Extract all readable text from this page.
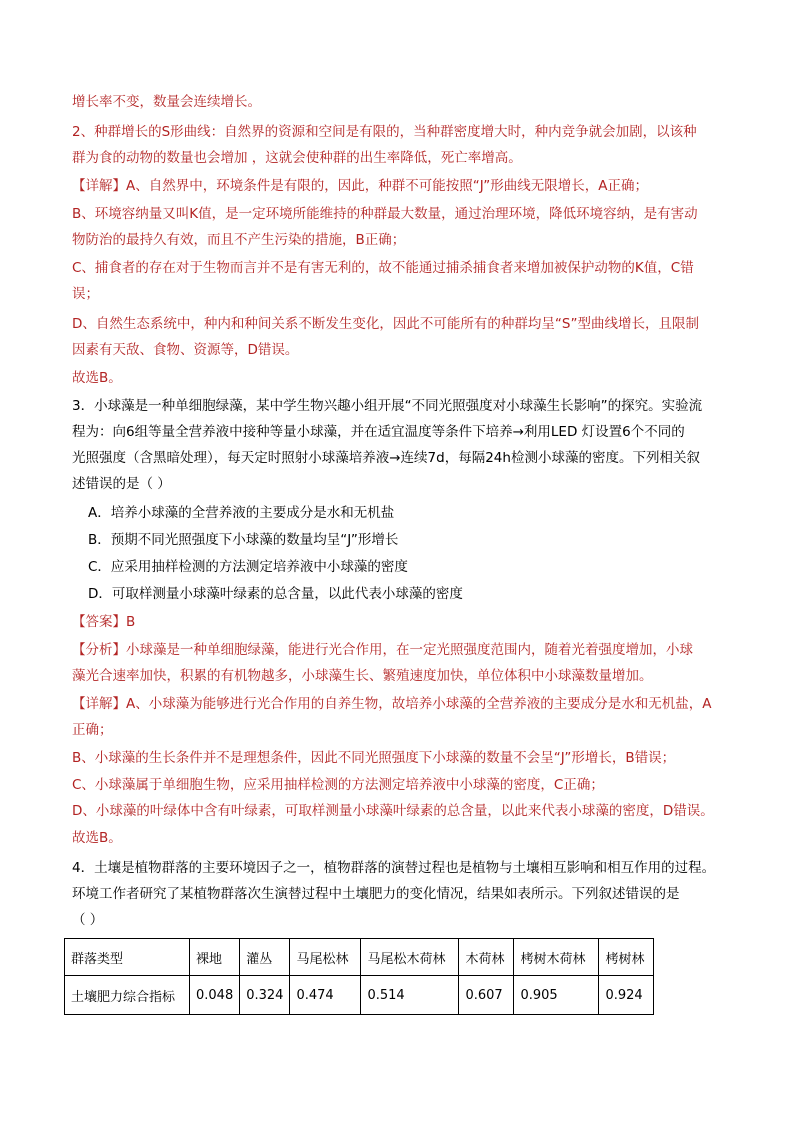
增长率不变，数量会连续增长。
2、种群增长的S形曲线：自然界的资源和空间是有限的，当种群密度增大时，种内竞争就会加剧，以该种
群为食的动物的数量也会增加 ，这就会使种群的出生率降低，死亡率增高。
【详解】A、自然界中，环境条件是有限的，因此，种群不可能按照“J”形曲线无限增长，A正确；
B、环境容纳量又叫K值，是一定环境所能维持的种群最大数量，通过治理环境，降低环境容纳，是有害动
物防治的最持久有效，而且不产生污染的措施，B正确；
C、捕食者的存在对于生物而言并不是有害无利的，故不能通过捕杀捕食者来增加被保护动物的K值，C错
误；
D、自然生态系统中，种内和种间关系不断发生变化，因此不可能所有的种群均呈“S”型曲线增长，且限制
因素有天敌、食物、资源等，D错误。
故选B。
3．小球藻是一种单细胞绿藻，某中学生物兴趣小组开展“不同光照强度对小球藻生长影响”的探究。实验流
程为：向6组等量全营养液中接种等量小球藻，并在适宜温度等条件下培养→利用LED 灯设置6个不同的
光照强度（含黑暗处理），每天定时照射小球藻培养液→连续7d，每隔24h检测小球藻的密度。下列相关叙
述错误的是（ ）
A．培养小球藻的全营养液的主要成分是水和无机盐
B．预期不同光照强度下小球藻的数量均呈“J”形增长
C．应采用抽样检测的方法测定培养液中小球藻的密度
D．可取样测量小球藻叶绿素的总含量，以此代表小球藻的密度
【答案】B
【分析】小球藻是一种单细胞绿藻，能进行光合作用，在一定光照强度范围内，随着光着强度增加，小球
藻光合速率加快，积累的有机物越多，小球藻生长、繁殖速度加快，单位体积中小球藻数量增加。
【详解】A、小球藻为能够进行光合作用的自养生物，故培养小球藻的全营养液的主要成分是水和无机盐，A
正确；
B、小球藻的生长条件并不是理想条件，因此不同光照强度下小球藻的数量不会呈“J”形增长，B错误；
C、小球藻属于单细胞生物，应采用抽样检测的方法测定培养液中小球藻的密度，C正确；
D、小球藻的叶绿体中含有叶绿素，可取样测量小球藻叶绿素的总含量，以此来代表小球藻的密度，D错误。
故选B。
4．土壤是植物群落的主要环境因子之一，植物群落的演替过程也是植物与土壤相互影响和相互作用的过程。
环境工作者研究了某植物群落次生演替过程中土壤肥力的变化情况，结果如表所示。下列叙述错误的是
（ ）
群落类型	裸地	灌丛	马尾松林	马尾松木荷林	木荷林	栲树木荷林	栲树林
土壤肥力综合指标	0.048	0.324	0.474	0.514	0.607	0.905	0.924
